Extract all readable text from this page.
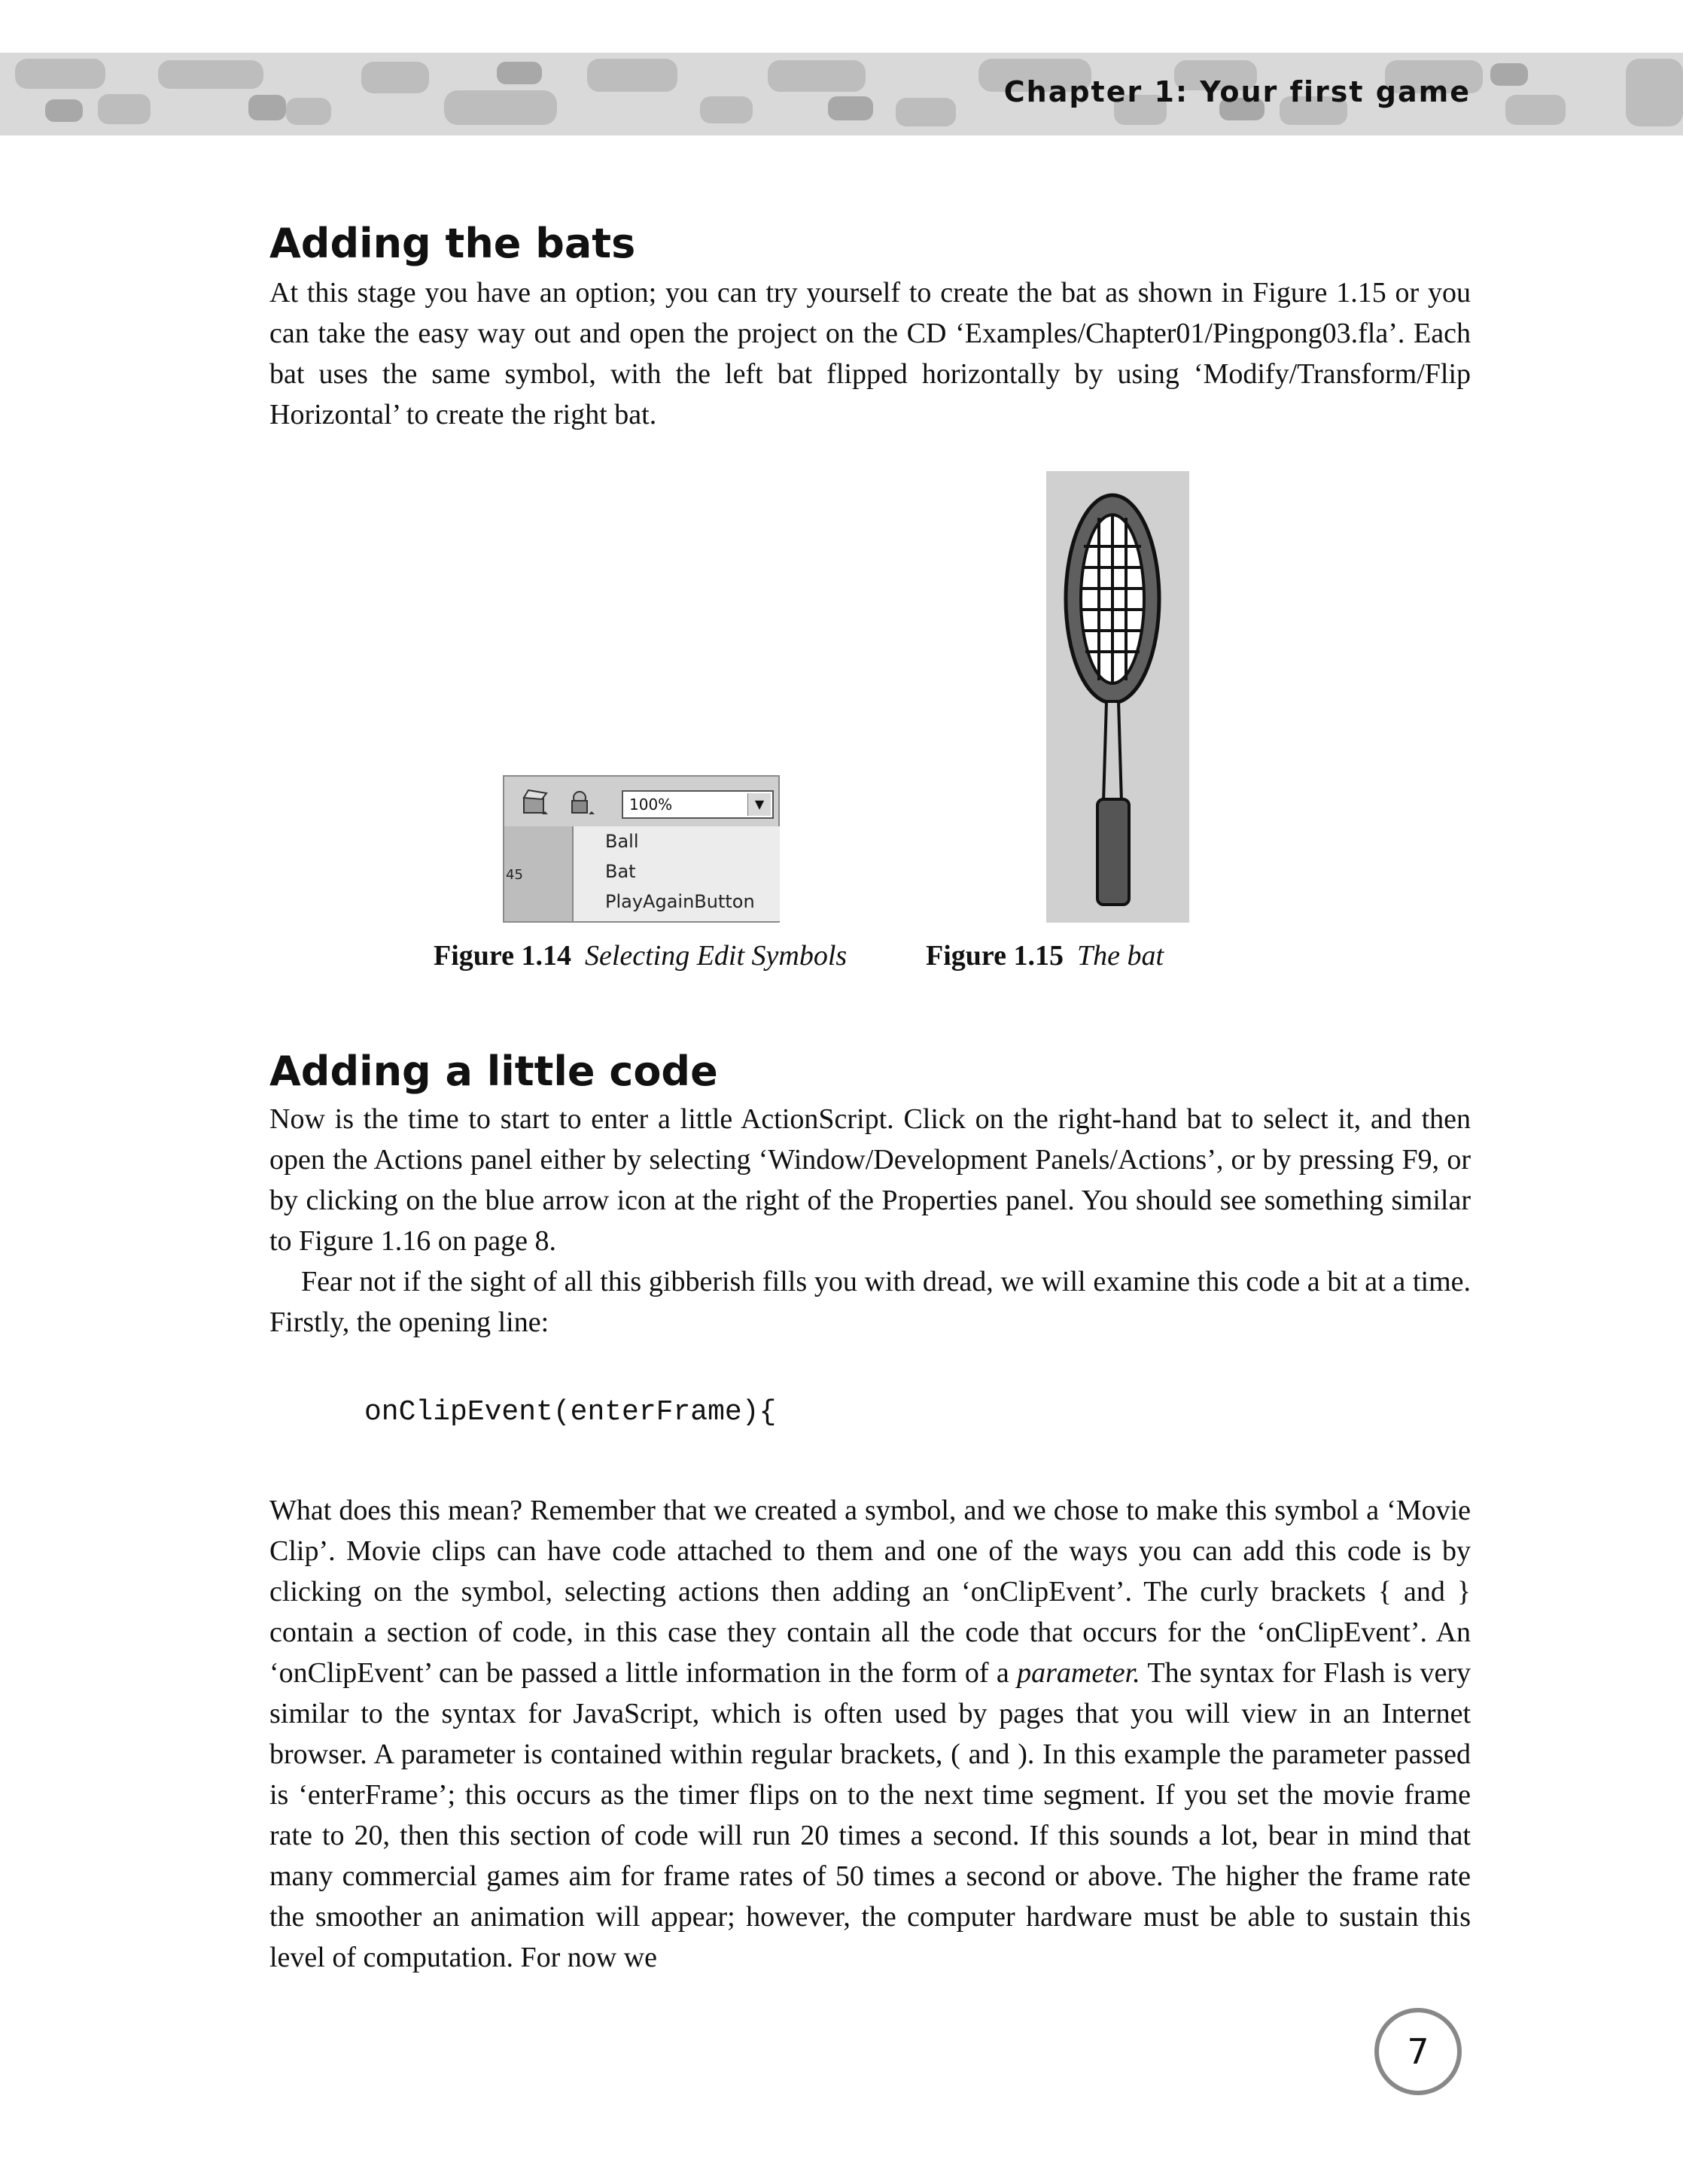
Chapter 1: Your first game
Adding the bats

At this stage you have an option; you can try yourself to create the bat as shown in Figure 1.15 or you can take the easy way out and open the project on the CD ‘Examples/Chapter01/Pingpong03.fla’. Each bat uses the same symbol, with the left bat flipped horizontally by using ‘Modify/Transform/Flip Horizontal’ to create the right bat.

100%	▼
45
Ball
Bat
PlayAgainButton
Figure 1.14 Selecting Edit Symbols	Figure 1.15 The bat
Adding a little code

Now is the time to start to enter a little ActionScript. Click on the right-hand bat to select it, and then open the Actions panel either by selecting ‘Window/Development Panels/Actions’, or by pressing F9, or by clicking on the blue arrow icon at the right of the Properties panel. You should see something similar to Figure 1.16 on page 8.

Fear not if the sight of all this gibberish fills you with dread, we will examine this code a bit at a time. Firstly, the opening line:

onClipEvent(enterFrame){

What does this mean? Remember that we created a symbol, and we chose to make this symbol a ‘Movie Clip’. Movie clips can have code attached to them and one of the ways you can add this code is by clicking on the symbol, selecting actions then adding an ‘onClipEvent’. The curly brackets { and } contain a section of code, in this case they contain all the code that occurs for the ‘onClipEvent’. An ‘onClipEvent’ can be passed a little information in the form of a parameter. The syntax for Flash is very similar to the syntax for JavaScript, which is often used by pages that you will view in an Internet browser. A parameter is contained within regular brackets, ( and ). In this example the parameter passed is ‘enterFrame’; this occurs as the timer flips on to the next time segment. If you set the movie frame rate to 20, then this section of code will run 20 times a second. If this sounds a lot, bear in mind that many commercial games aim for frame rates of 50 times a second or above. The higher the frame rate the smoother an animation will appear; however, the computer hardware must be able to sustain this level of computation. For now we

7
